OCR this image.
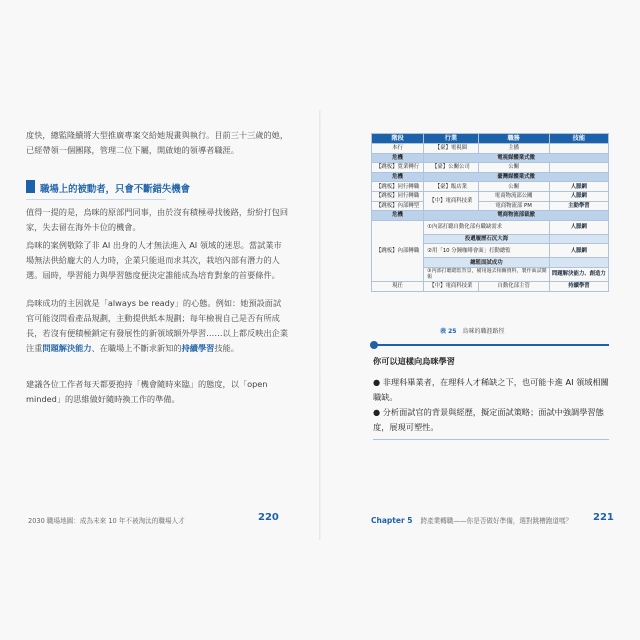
度快，總監隆續將大型推廣專案交給她規畫與執行。目前三十三歲的她，已經帶領一個團隊，管理二位下屬，開啟她的領導者職涯。

職場上的被動者，只會不斷錯失機會

值得一提的是，烏咪的原部門同事，由於沒有積極尋找後路，紛紛打包回家，失去留在海外卡位的機會。

烏咪的案例敬除了非 AI 出身的人才無法進入 AI 領域的迷思。當試業市場無法供給龐大的人力時，企業只能退而求其次，栽培內部有潛力的人選。屆時，學習能力與學習態度便決定誰能成為培育對象的首要條件。

烏咪成功的主因就是「always be ready」的心態。例如：她預設面試官可能沒問看產品規劃，主動提供紙本規劃；每年檢視自己是否有所成長，若沒有便積極鎖定有發展性的新領域額外學習……以上都反映出企業注重問題解決能力、在職場上不斷求新知的持續學習技能。

建議各位工作者每天都要抱持「機會隨時來臨」的態度，以「open minded」的思維做好隨時換工作的準備。

2030 職場地圖：成為未來 10 年不被淘汰的職場人才	220
階段	行業	職務	技能
本行	【臺】電視圈	主播	
危機	電視媒體業式微		
【跳板】寬業轉行	【臺】公關公司	公關	
危機	臺灣媒體業式微		
【跳板】同行轉職	【臺】飯店業	公關	人脈網
【跳板】同行轉職	【中】電商科技業	電商物流部公關	人脈網
【跳板】內部轉型		電商物流部 PM	主動學習
危機	電商物流部裁撤		
【跳板】內部轉職	①內部打聽自動化部有職缺需求		人脈網
	投遞履歷石沉大海		
	②用「10 分鐘咖啡會面」打動總監		人脈網
	總監面試成功		
	③內部打聽總監背景，備用過去相關資料，製作面試簡報		問題解決能力、創造力
現任	【中】電商科技業	自動化部主管	持續學習
表 25 烏咪的職涯路徑
你可以這樣向烏咪學習
● 非理科畢業者，在理科人才稀缺之下，也可能卡進 AI 領域相關職缺。
● 分析面試官的背景與經歷，擬定面試策略；面試中強調學習態度，展現可塑性。
Chapter 5 跨產業轉職——你是否做好準備，選對跳槽跑道嗎？ 221
